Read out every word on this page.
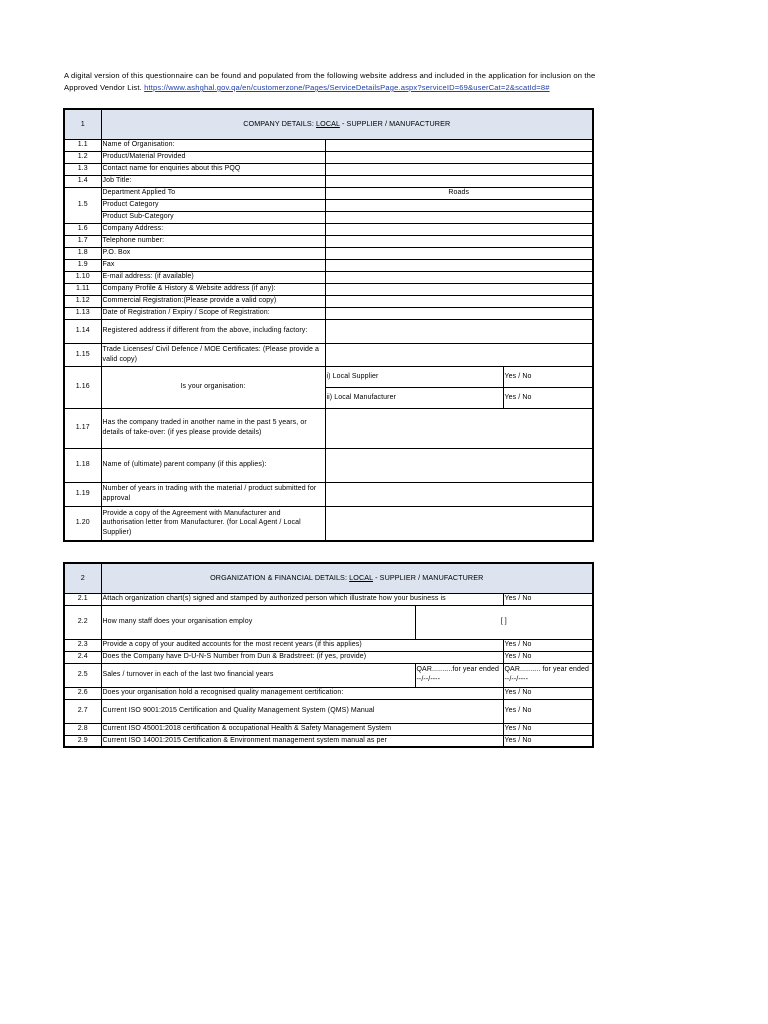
A digital version of this questionnaire can be found and populated from the following website address and included in the application for inclusion on the Approved Vendor List. https://www.ashghal.gov.qa/en/customerzone/Pages/ServiceDetailsPage.aspx?serviceID=69&userCat=2&scatId=8#
1	COMPANY DETAILS: LOCAL - SUPPLIER / MANUFACTURER		
1.1	Name of Organisation:		
1.2	Product/Material Provided		
1.3	Contact name for enquiries about this PQQ		
1.4	Job Title:		
1.5	Department Applied To	Roads	
	Product Category		
	Product Sub-Category		
1.6	Company Address:		
1.7	Telephone number:		
1.8	P.O. Box		
1.9	Fax		
1.10	E-mail address: (if available)		
1.11	Company Profile & History & Website address (if any):		
1.12	Commercial Registration:(Please provide a valid copy)		
1.13	Date of Registration / Expiry / Scope of Registration:		
1.14	Registered address if different from the above, including factory:		
1.15	Trade Licenses/ Civil Defence / MOE Certificates: (Please provide a valid copy)		
1.16	Is your organisation:	i) Local Supplier	Yes / No
		ii) Local Manufacturer	Yes / No
1.17	Has the company traded in another name in the past 5 years, or details of take-over: (if yes please provide details)		
1.18	Name of (ultimate) parent company (if this applies):		
1.19	Number of years in trading with the material / product submitted for approval		
1.20	Provide a copy of the Agreement with Manufacturer and authorisation letter from Manufacturer. (for Local Agent / Local Supplier)		
2	ORGANIZATION & FINANCIAL DETAILS: LOCAL - SUPPLIER / MANUFACTURER		
2.1	Attach organization chart(s) signed and stamped by authorized person which illustrate how your business is		Yes / No
2.2	How many staff does your organisation employ	[ ]	
2.3	Provide a copy of your audited accounts for the most recent years (if this applies)		Yes / No
2.4	Does the Company have D-U-N-S Number from Dun & Bradstreet: (if yes, provide)		Yes / No
2.5	Sales / turnover in each of the last two financial years	QAR..........for year ended --/--/----	QAR.......... for year ended --/--/----
2.6	Does your organisation hold a recognised quality management certification:		Yes / No
2.7	Current ISO 9001:2015 Certification and Quality Management System (QMS) Manual		Yes / No
2.8	Current ISO 45001:2018 certification & occupational Health & Safety Management System		Yes / No
2.9	Current ISO 14001:2015 Certification & Environment management system manual as per		Yes / No
